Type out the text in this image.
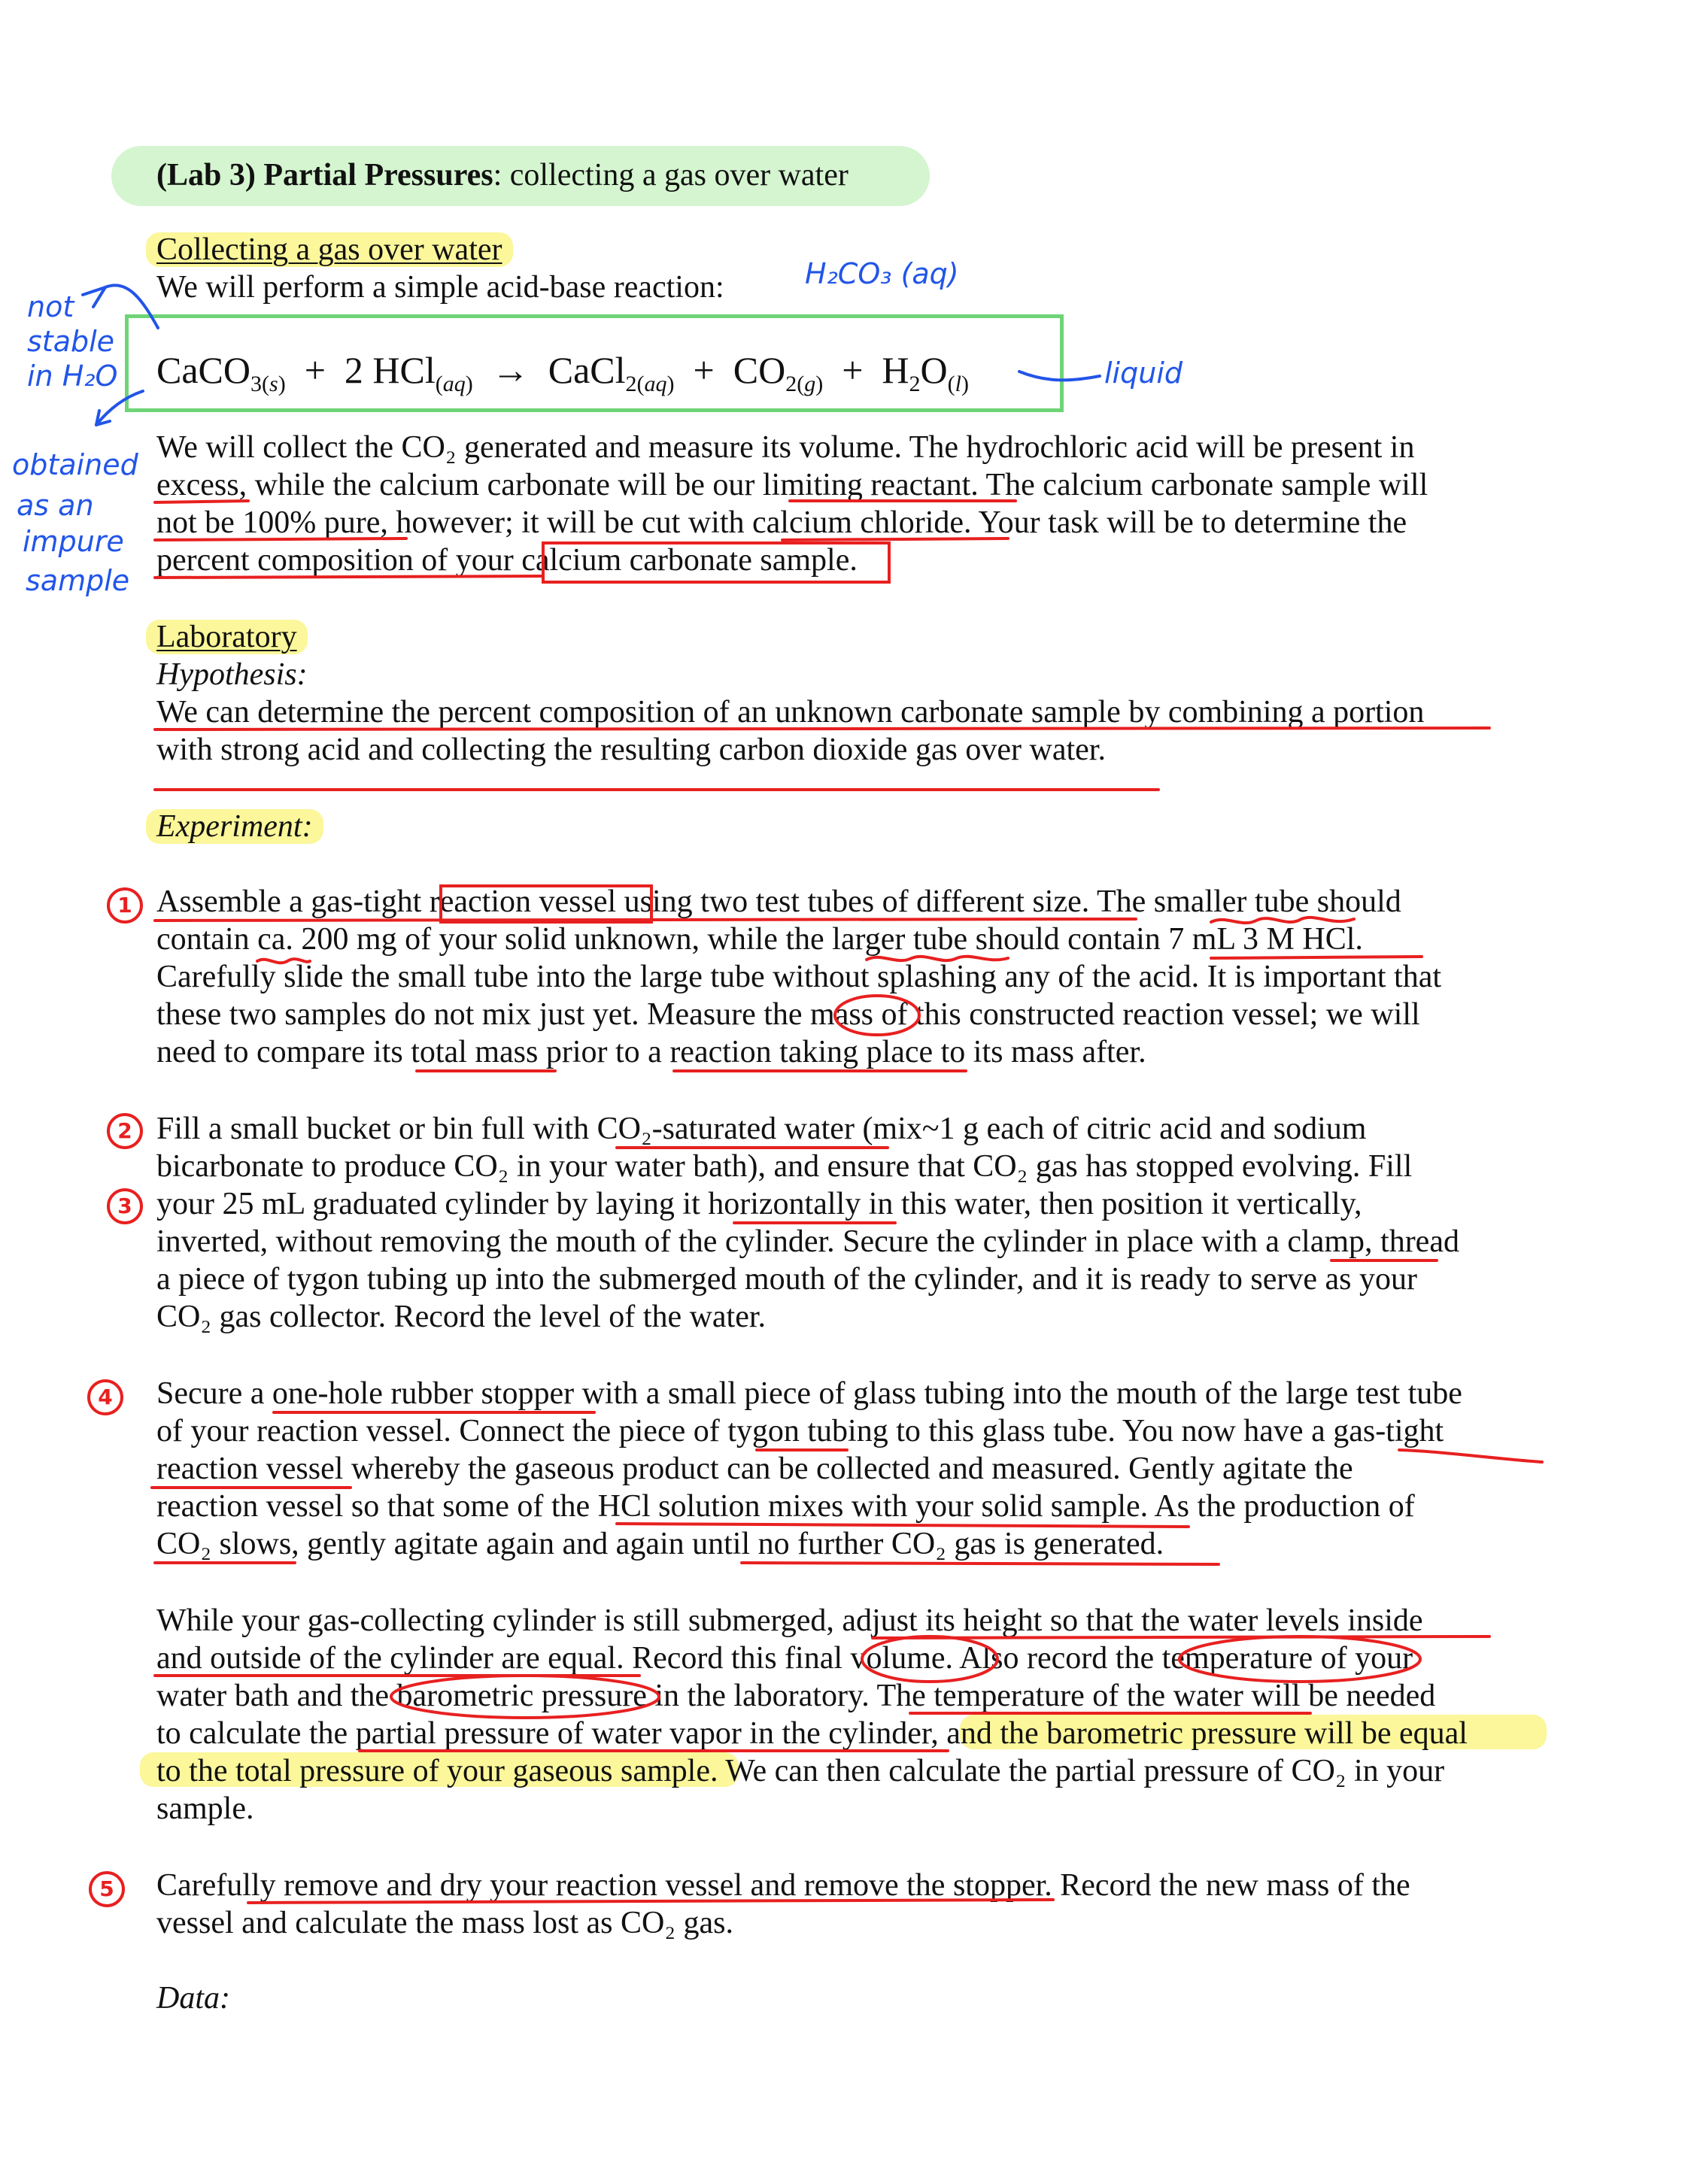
(Lab 3) Partial Pressures: collecting a gas over water
Collecting a gas over water
We will perform a simple acid-base reaction:
CaCO$_{3(s)}$  +  2 HCl$_{(aq)}$  →  CaCl$_{2(aq)}$  +  $CO_{2(g)} + H_2O_{(l)}$
H₂CO₃ (aq)
liquid
not
stable
in H₂O
obtained
as an
impure
sample
We will collect the CO₂ generated and measure its volume. The hydrochloric acid will be present in
excess, while the calcium carbonate will be our limiting reactant. The calcium carbonate sample will
not be 100% pure, however; it will be cut with calcium chloride. Your task will be to determine the
percent composition of your calcium carbonate sample.
Laboratory
Hypothesis:
We can determine the percent composition of an unknown carbonate sample by combining a portion
with strong acid and collecting the resulting carbon dioxide gas over water.
Experiment:
1 Assemble a gas-tight reaction vessel using two test tubes of different size. The smaller tube should
contain ca. 200 mg of your solid unknown, while the larger tube should contain 7 mL 3 M HCl.
Carefully slide the small tube into the large tube without splashing any of the acid. It is important that
these two samples do not mix just yet. Measure the mass of this constructed reaction vessel; we will
need to compare its total mass prior to a reaction taking place to its mass after.
2
3
Fill a small bucket or bin full with CO₂-saturated water (mix~1 g each of citric acid and sodium
bicarbonate to produce CO₂ in your water bath), and ensure that CO₂ gas has stopped evolving. Fill
your 25 mL graduated cylinder by laying it horizontally in this water, then position it vertically,
inverted, without removing the mouth of the cylinder. Secure the cylinder in place with a clamp, thread
a piece of tygon tubing up into the submerged mouth of the cylinder, and it is ready to serve as your
CO₂ gas collector. Record the level of the water.
4	Secure a one-hole rubber stopper with a small piece of glass tubing into the mouth of the large test tube
of your reaction vessel. Connect the piece of tygon tubing to this glass tube. You now have a gas-tight
reaction vessel whereby the gaseous product can be collected and measured. Gently agitate the
reaction vessel so that some of the HCl solution mixes with your solid sample. As the production of
CO₂ slows, gently agitate again and again until no further CO₂ gas is generated.
While your gas-collecting cylinder is still submerged, adjust its height so that the water levels inside
and outside of the cylinder are equal. Record this final volume. Also record the temperature of your
water bath and the barometric pressure in the laboratory. The temperature of the water will be needed
to calculate the partial pressure of water vapor in the cylinder, and the barometric pressure will be equal
to the total pressure of your gaseous sample. We can then calculate the partial pressure of CO₂ in your
sample.
5	Carefully remove and dry your reaction vessel and remove the stopper. Record the new mass of the
vessel and calculate the mass lost as CO₂ gas.
Data:
